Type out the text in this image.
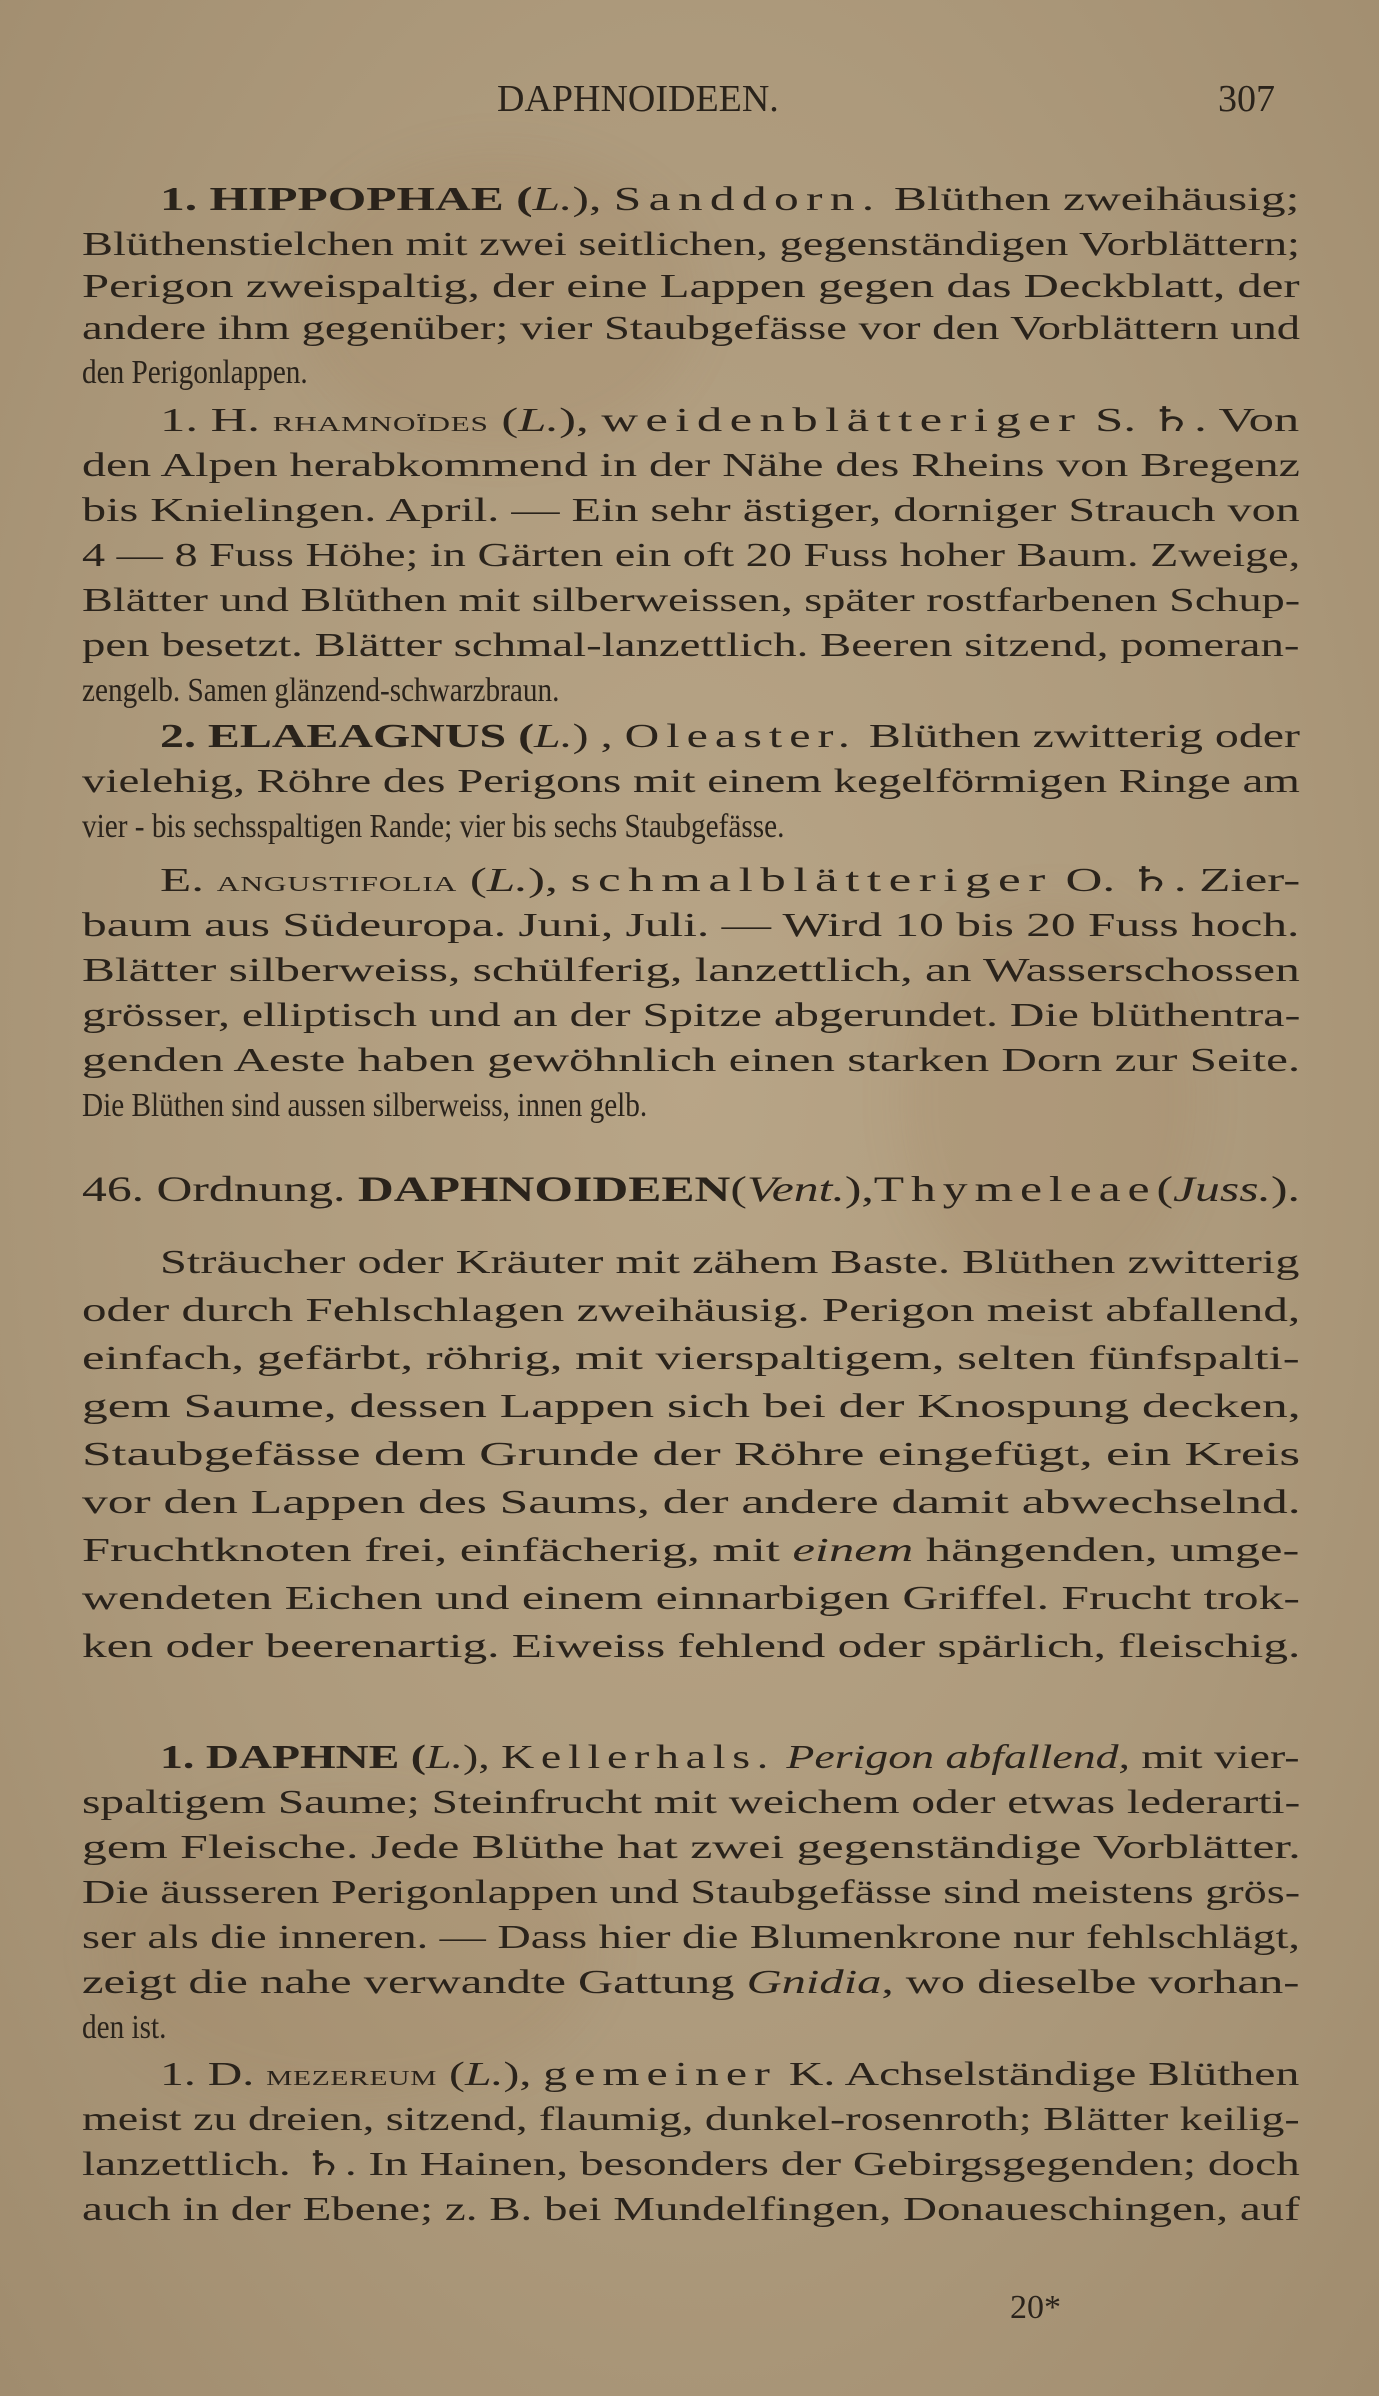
DAPHNOIDEEN.	307
1. HIPPOPHAE (L.), Sanddorn. Blüthen zweihäusig;
Blüthenstielchen mit zwei seitlichen, gegenständigen Vorblättern;
Perigon zweispaltig, der eine Lappen gegen das Deckblatt, der
andere ihm gegenüber; vier Staubgefässe vor den Vorblättern und
den Perigonlappen.
1. H. rhamnoïdes (L.), weidenblätteriger S. ♄. Von
den Alpen herabkommend in der Nähe des Rheins von Bregenz
bis Knielingen. April. — Ein sehr ästiger, dorniger Strauch von
4 — 8 Fuss Höhe; in Gärten ein oft 20 Fuss hoher Baum. Zweige,
Blätter und Blüthen mit silberweissen, später rostfarbenen Schup-
pen besetzt. Blätter schmal-lanzettlich. Beeren sitzend, pomeran-
zengelb. Samen glänzend-schwarzbraun.
2. ELAEAGNUS (L.) , Oleaster. Blüthen zwitterig oder
vielehig, Röhre des Perigons mit einem kegelförmigen Ringe am
vier - bis sechsspaltigen Rande; vier bis sechs Staubgefässe.
E. angustifolia (L.), schmalblätteriger O. ♄. Zier-
baum aus Südeuropa. Juni, Juli. — Wird 10 bis 20 Fuss hoch.
Blätter silberweiss, schülferig, lanzettlich, an Wasserschossen
grösser, elliptisch und an der Spitze abgerundet. Die blüthentra-
genden Aeste haben gewöhnlich einen starken Dorn zur Seite.
Die Blüthen sind aussen silberweiss, innen gelb.
46. Ordnung. DAPHNOIDEEN(Vent.),Thymeleae(Juss.).
Sträucher oder Kräuter mit zähem Baste. Blüthen zwitterig
oder durch Fehlschlagen zweihäusig. Perigon meist abfallend,
einfach, gefärbt, röhrig, mit vierspaltigem, selten fünfspalti-
gem Saume, dessen Lappen sich bei der Knospung decken,
Staubgefässe dem Grunde der Röhre eingefügt, ein Kreis
vor den Lappen des Saums, der andere damit abwechselnd.
Fruchtknoten frei, einfächerig, mit einem hängenden, umge-
wendeten Eichen und einem einnarbigen Griffel. Frucht trok-
ken oder beerenartig. Eiweiss fehlend oder spärlich, fleischig.
1. DAPHNE (L.), Kellerhals. Perigon abfallend, mit vier-
spaltigem Saume; Steinfrucht mit weichem oder etwas lederarti-
gem Fleische. Jede Blüthe hat zwei gegenständige Vorblätter.
Die äusseren Perigonlappen und Staubgefässe sind meistens grös-
ser als die inneren. — Dass hier die Blumenkrone nur fehlschlägt,
zeigt die nahe verwandte Gattung Gnidia, wo dieselbe vorhan-
den ist.
1. D. mezereum (L.), gemeiner K. Achselständige Blüthen
meist zu dreien, sitzend, flaumig, dunkel-rosenroth; Blätter keilig-
lanzettlich. ♄. In Hainen, besonders der Gebirgsgegenden; doch
auch in der Ebene; z. B. bei Mundelfingen, Donaueschingen, auf
20*
